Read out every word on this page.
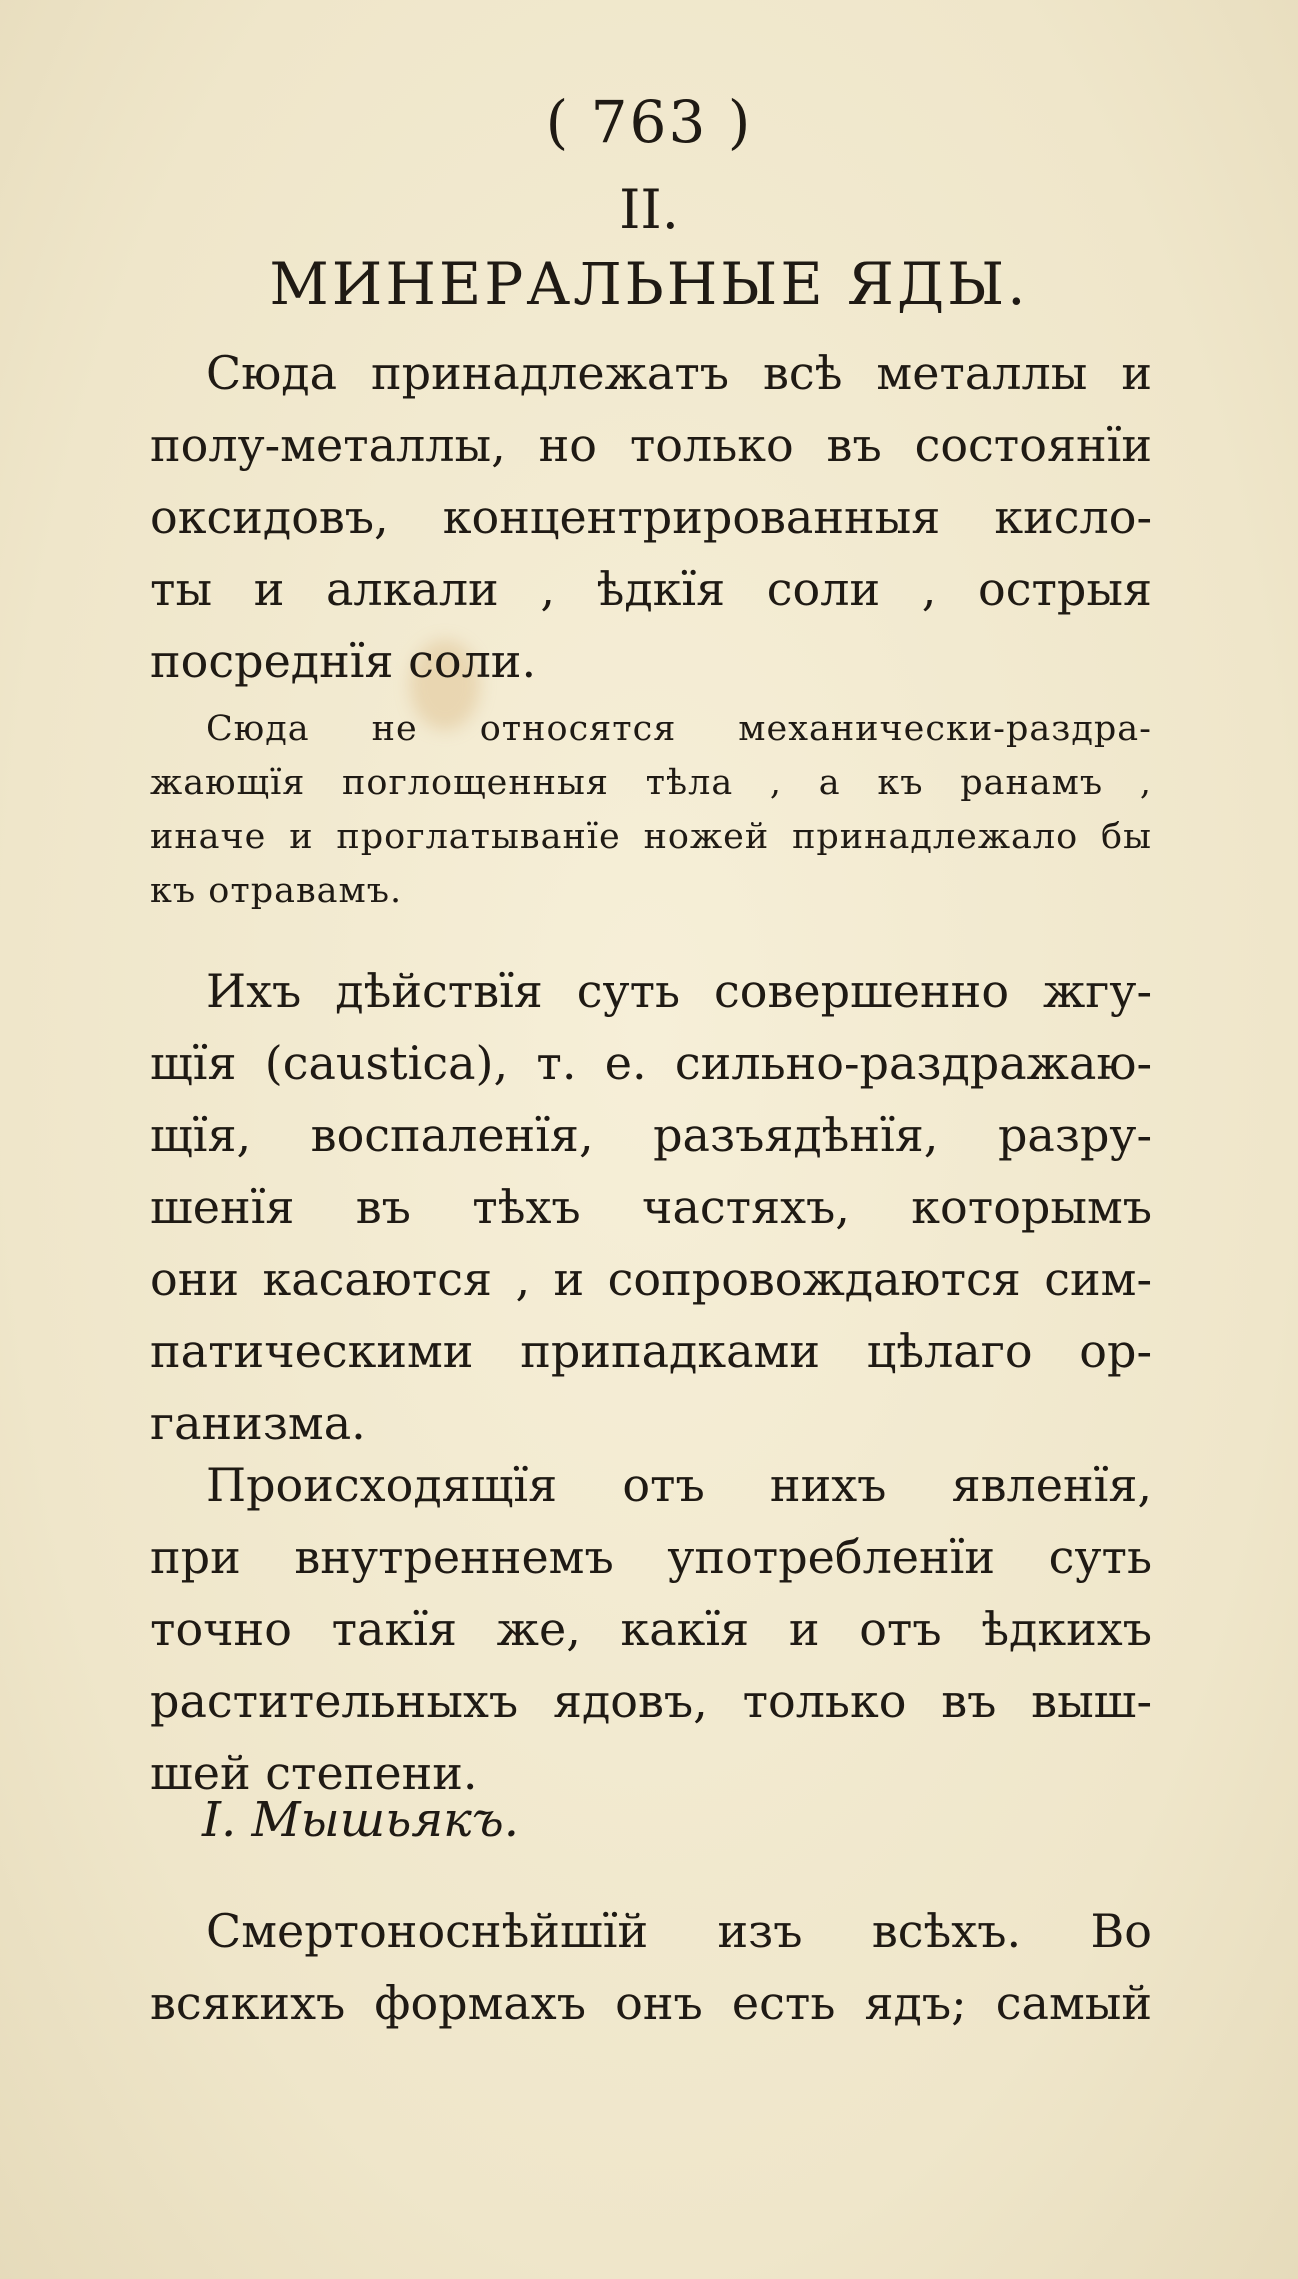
( 763 )
II.
МИНЕРАЛЬНЫЕ ЯДЫ.
Сюда принадлежатъ всѣ металлы и
полу-металлы, но только въ состоянїи
оксидовъ, концентрированныя кисло-
ты и алкали , ѣдкїя соли , острыя
посреднїя соли.
Сюда не относятся механически-раздра-
жающїя поглощенныя тѣла , а къ ранамъ ,
иначе и проглатыванїе ножей принадлежало бы
къ отравамъ.
Ихъ дѣйствїя суть совершенно жгу-
щїя (caustica), т. е. сильно-раздражаю-
щїя, воспаленїя, разъядѣнїя, разру-
шенїя въ тѣхъ частяхъ, которымъ
они касаются , и сопровождаются сим-
патическими припадками цѣлаго ор-
ганизма.
Происходящїя отъ нихъ явленїя,
при внутреннемъ употребленїи суть
точно такїя же, какїя и отъ ѣдкихъ
растительныхъ ядовъ, только въ выш-
шей степени.
I. Мышьякъ.
Смертоноснѣйшїй изъ всѣхъ. Во
всякихъ формахъ онъ есть ядъ; самый
